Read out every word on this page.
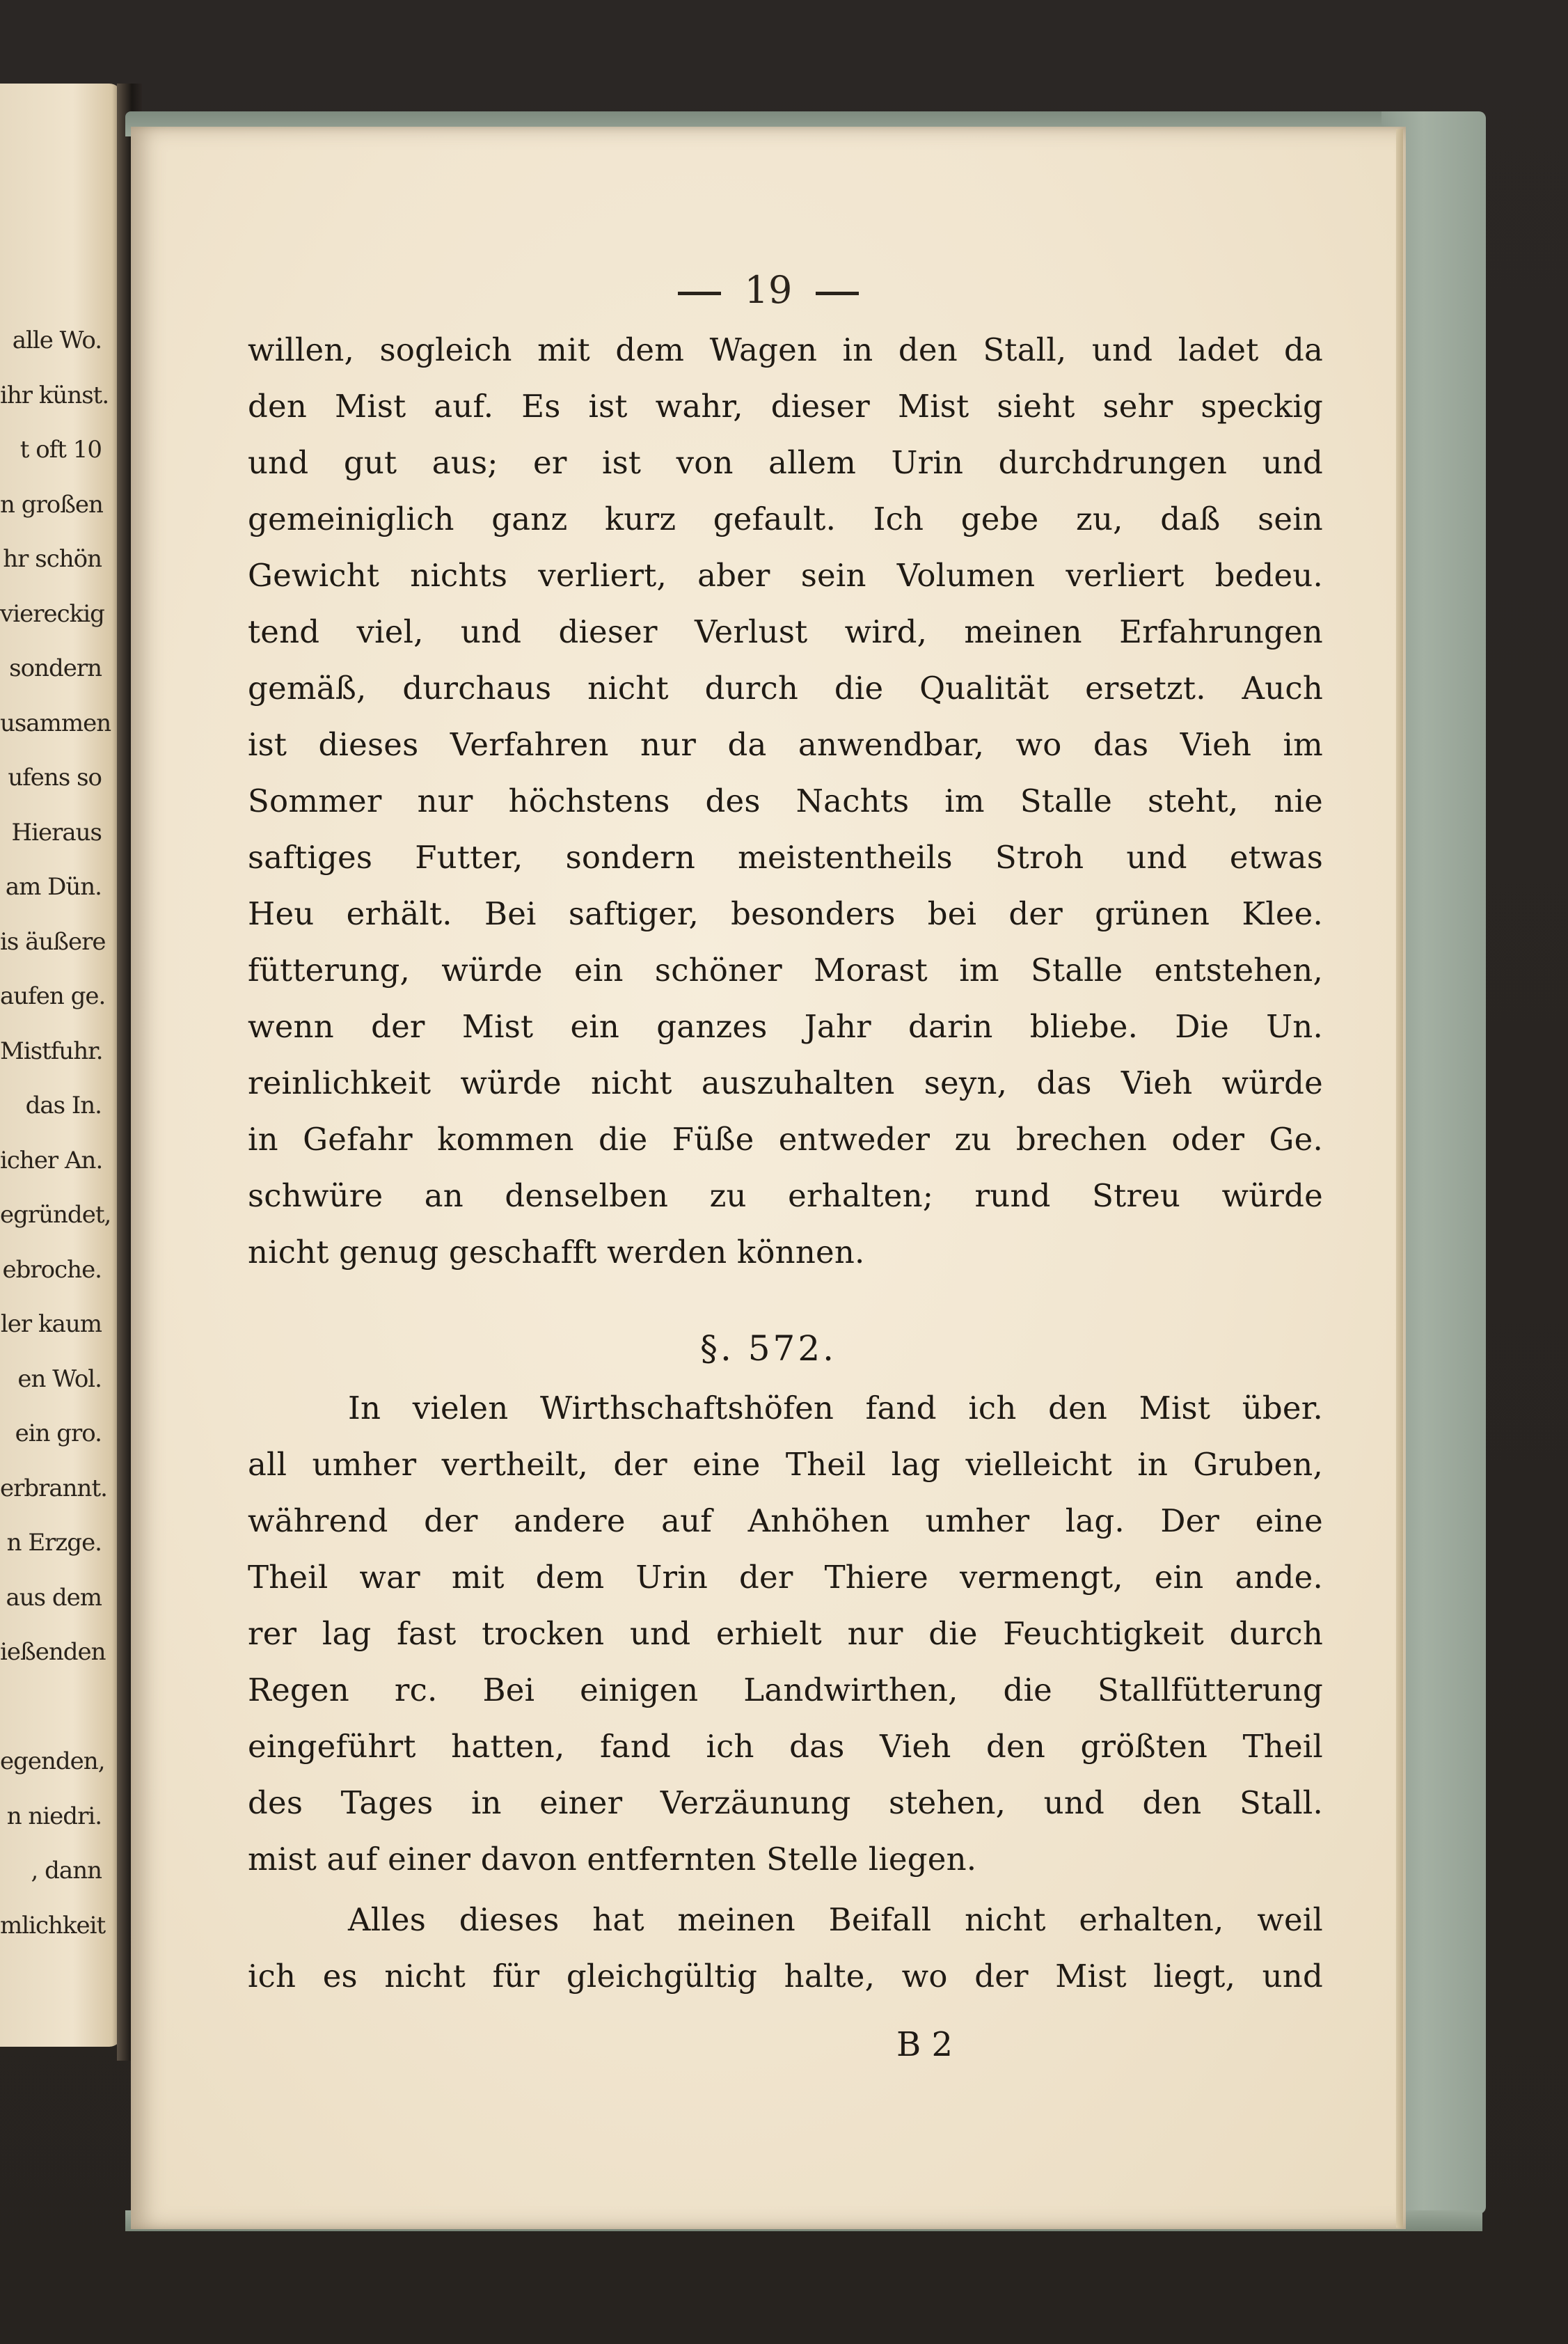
alle Wo.
ihr künst.
t oft 10
n großen
hr schön
viereckig
sondern
usammen
ufens so
Hieraus
am Dün.
is äußere
aufen ge.
Mistfuhr.
das In.
icher An.
egründet,
ebroche.
ler kaum
en Wol.
ein gro.
erbrannt.
n Erzge.
aus dem
ießenden
egenden,
n niedri.
, dann
mlichkeit
19
willen, sogleich mit dem Wagen in den Stall, und ladet da
den Mist auf. Es ist wahr, dieser Mist sieht sehr speckig
und gut aus; er ist von allem Urin durchdrungen und
gemeiniglich ganz kurz gefault. Ich gebe zu, daß sein
Gewicht nichts verliert, aber sein Volumen verliert bedeu.
tend viel, und dieser Verlust wird, meinen Erfahrungen
gemäß, durchaus nicht durch die Qualität ersetzt. Auch
ist dieses Verfahren nur da anwendbar, wo das Vieh im
Sommer nur höchstens des Nachts im Stalle steht, nie
saftiges Futter, sondern meistentheils Stroh und etwas
Heu erhält. Bei saftiger, besonders bei der grünen Klee.
fütterung, würde ein schöner Morast im Stalle entstehen,
wenn der Mist ein ganzes Jahr darin bliebe. Die Un.
reinlichkeit würde nicht auszuhalten seyn, das Vieh würde
in Gefahr kommen die Füße entweder zu brechen oder Ge.
schwüre an denselben zu erhalten; rund Streu würde
nicht genug geschafft werden können.
§. 572.
In vielen Wirthschaftshöfen fand ich den Mist über.
all umher vertheilt, der eine Theil lag vielleicht in Gruben,
während der andere auf Anhöhen umher lag. Der eine
Theil war mit dem Urin der Thiere vermengt, ein ande.
rer lag fast trocken und erhielt nur die Feuchtigkeit durch
Regen rc. Bei einigen Landwirthen, die Stallfütterung
eingeführt hatten, fand ich das Vieh den größten Theil
des Tages in einer Verzäunung stehen, und den Stall.
mist auf einer davon entfernten Stelle liegen.
Alles dieses hat meinen Beifall nicht erhalten, weil
ich es nicht für gleichgültig halte, wo der Mist liegt, und
B 2
